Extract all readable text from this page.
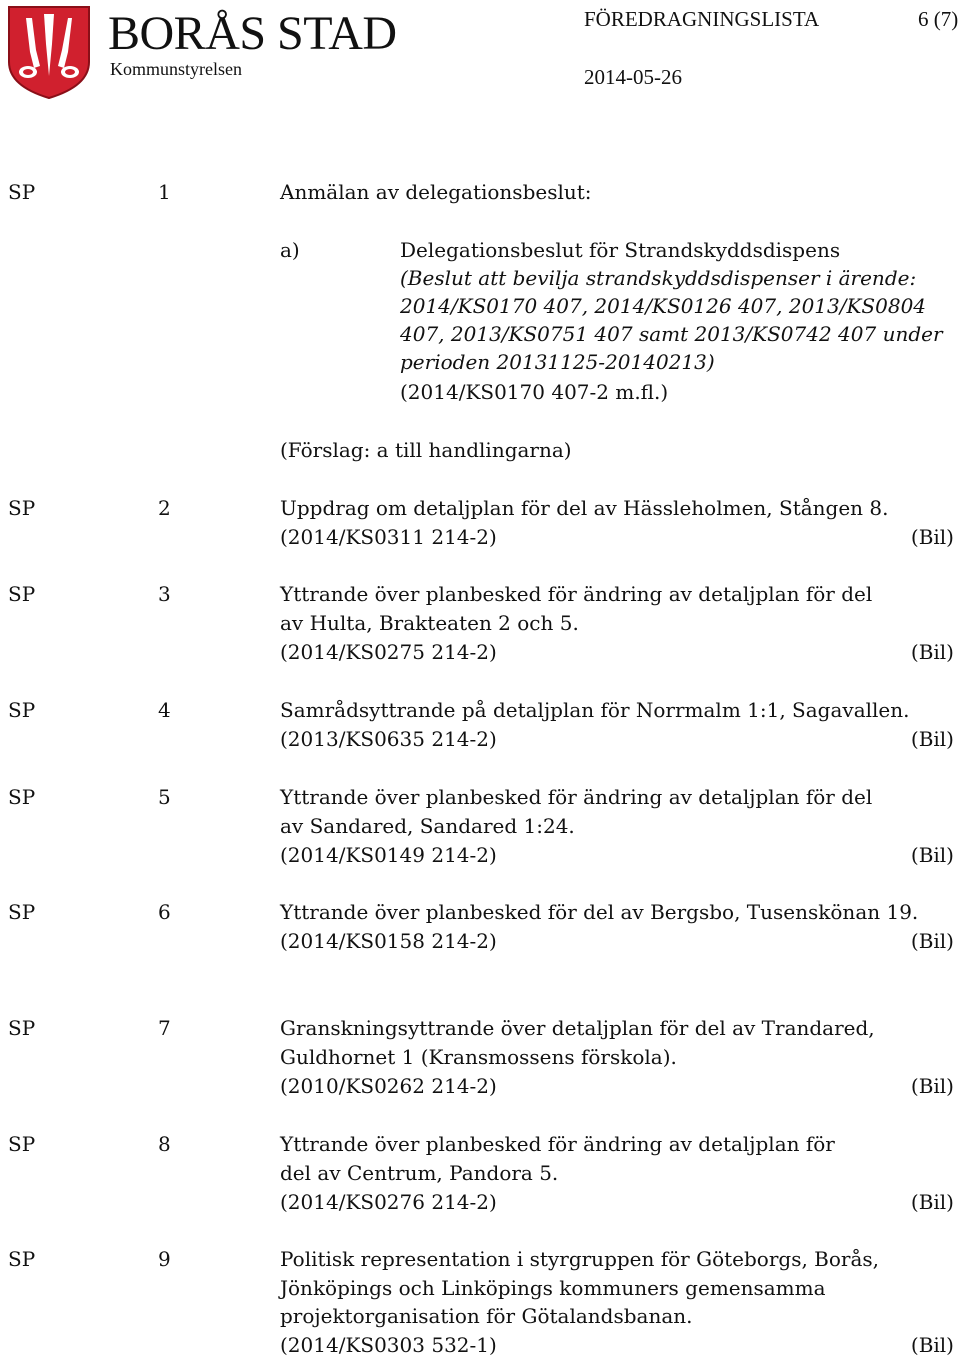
BORÅS STAD
Kommunstyrelsen
FÖREDRAGNINGSLISTA	6 (7)
2014-05-26
SP	1	Anmälan av delegationsbeslut:
a)	Delegationsbeslut för Strandskyddsdispens
(Beslut att bevilja strandskyddsdispenser i ärende:
2014/KS0170 407, 2014/KS0126 407, 2013/KS0804
407, 2013/KS0751 407 samt 2013/KS0742 407 under
perioden 20131125-20140213)
(2014/KS0170 407-2 m.fl.)
(Förslag: a till handlingarna)
SP	2	Uppdrag om detaljplan för del av Hässleholmen, Stången 8.
(2014/KS0311 214-2)	(Bil)
SP	3	Yttrande över planbesked för ändring av detaljplan för del
av Hulta, Brakteaten 2 och 5.
(2014/KS0275 214-2)	(Bil)
SP	4	Samrådsyttrande på detaljplan för Norrmalm 1:1, Sagavallen.
(2013/KS0635 214-2)	(Bil)
SP	5	Yttrande över planbesked för ändring av detaljplan för del
av Sandared, Sandared 1:24.
(2014/KS0149 214-2)	(Bil)
SP	6	Yttrande över planbesked för del av Bergsbo, Tusenskönan 19.
(2014/KS0158 214-2)	(Bil)
SP	7	Granskningsyttrande över detaljplan för del av Trandared,
Guldhornet 1 (Kransmossens förskola).
(2010/KS0262 214-2)	(Bil)
SP	8	Yttrande över planbesked för ändring av detaljplan för
del av Centrum, Pandora 5.
(2014/KS0276 214-2)	(Bil)
SP	9	Politisk representation i styrgruppen för Göteborgs, Borås,
Jönköpings och Linköpings kommuners gemensamma
projektorganisation för Götalandsbanan.
(2014/KS0303 532-1)	(Bil)
